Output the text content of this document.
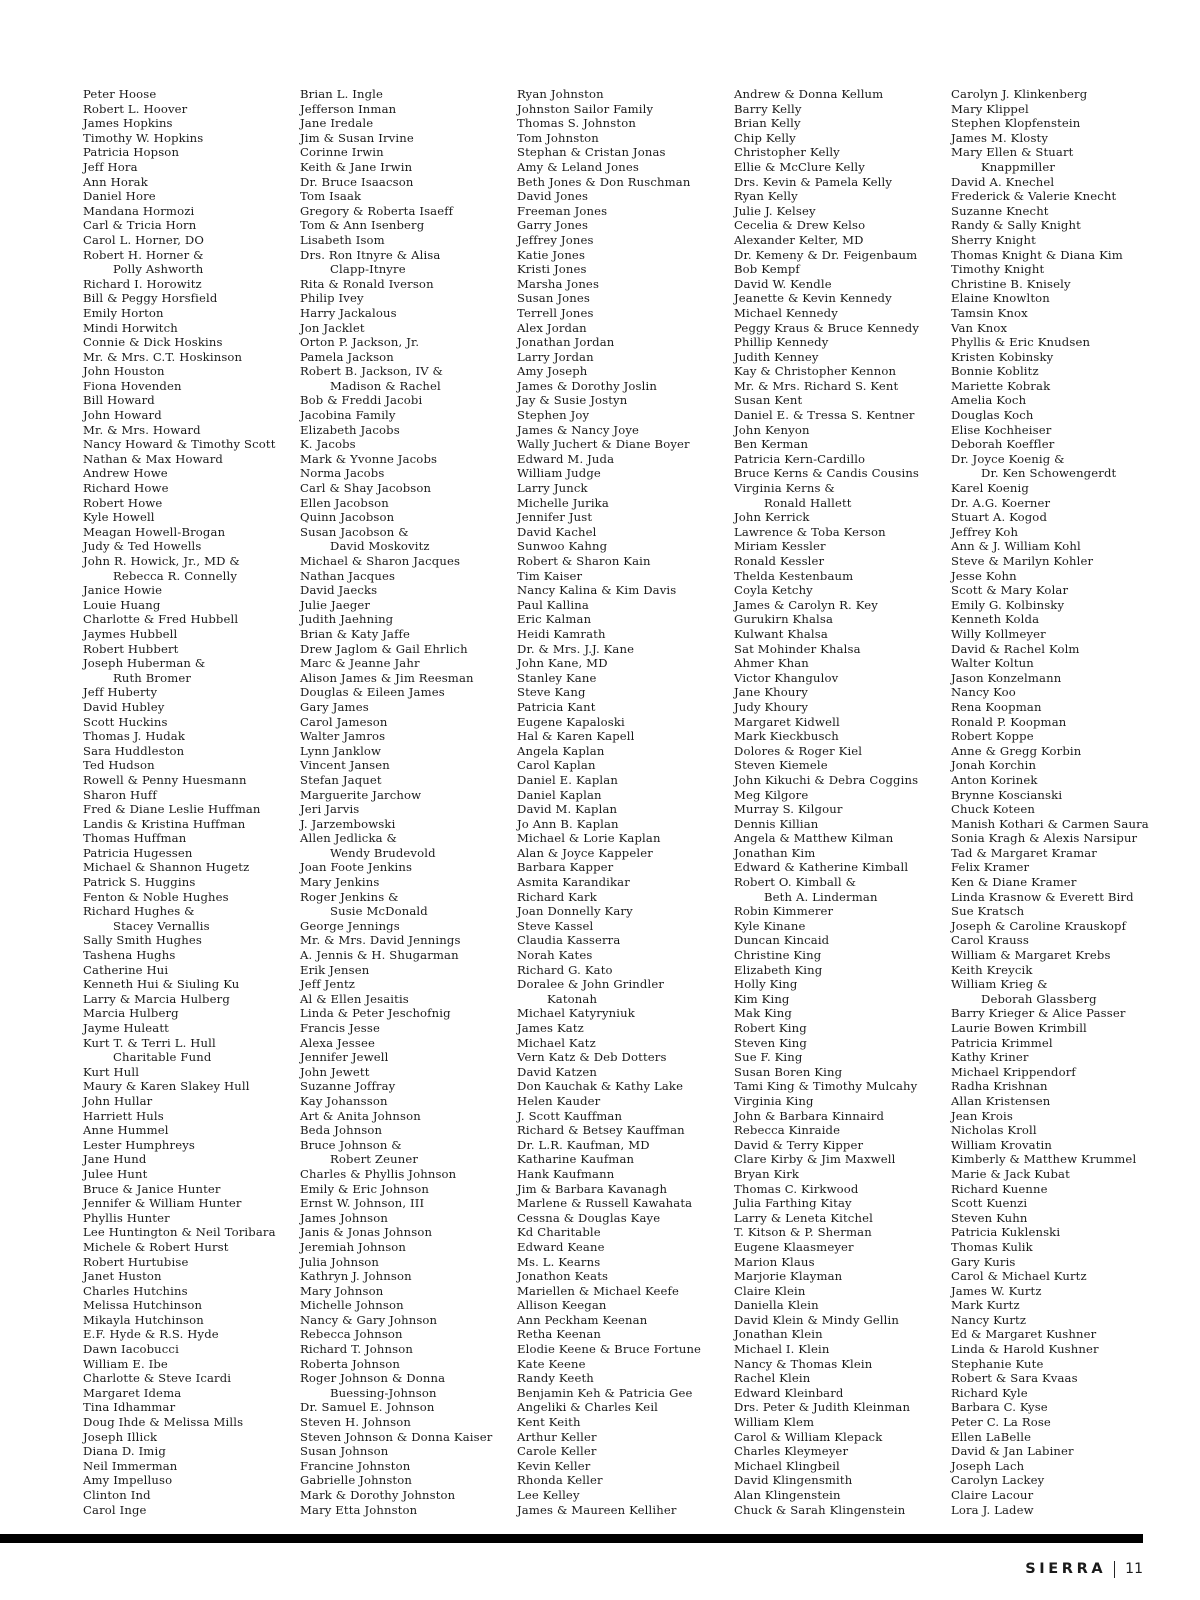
Peter Hoose
Robert L. Hoover
James Hopkins
Timothy W. Hopkins
Patricia Hopson
Jeff Hora
Ann Horak
Daniel Hore
Mandana Hormozi
Carl & Tricia Horn
Carol L. Horner, DO
Robert H. Horner &
Polly Ashworth
Richard I. Horowitz
Bill & Peggy Horsfield
Emily Horton
Mindi Horwitch
Connie & Dick Hoskins
Mr. & Mrs. C.T. Hoskinson
John Houston
Fiona Hovenden
Bill Howard
John Howard
Mr. & Mrs. Howard
Nancy Howard & Timothy Scott
Nathan & Max Howard
Andrew Howe
Richard Howe
Robert Howe
Kyle Howell
Meagan Howell-Brogan
Judy & Ted Howells
John R. Howick, Jr., MD &
Rebecca R. Connelly
Janice Howie
Louie Huang
Charlotte & Fred Hubbell
Jaymes Hubbell
Robert Hubbert
Joseph Huberman &
Ruth Bromer
Jeff Huberty
David Hubley
Scott Huckins
Thomas J. Hudak
Sara Huddleston
Ted Hudson
Rowell & Penny Huesmann
Sharon Huff
Fred & Diane Leslie Huffman
Landis & Kristina Huffman
Thomas Huffman
Patricia Hugessen
Michael & Shannon Hugetz
Patrick S. Huggins
Fenton & Noble Hughes
Richard Hughes &
Stacey Vernallis
Sally Smith Hughes
Tashena Hughs
Catherine Hui
Kenneth Hui & Siuling Ku
Larry & Marcia Hulberg
Marcia Hulberg
Jayme Huleatt
Kurt T. & Terri L. Hull
Charitable Fund
Kurt Hull
Maury & Karen Slakey Hull
John Hullar
Harriett Huls
Anne Hummel
Lester Humphreys
Jane Hund
Julee Hunt
Bruce & Janice Hunter
Jennifer & William Hunter
Phyllis Hunter
Lee Huntington & Neil Toribara
Michele & Robert Hurst
Robert Hurtubise
Janet Huston
Charles Hutchins
Melissa Hutchinson
Mikayla Hutchinson
E.F. Hyde & R.S. Hyde
Dawn Iacobucci
William E. Ibe
Charlotte & Steve Icardi
Margaret Idema
Tina Idhammar
Doug Ihde & Melissa Mills
Joseph Illick
Diana D. Imig
Neil Immerman
Amy Impelluso
Clinton Ind
Carol Inge
Brian L. Ingle
Jefferson Inman
Jane Iredale
Jim & Susan Irvine
Corinne Irwin
Keith & Jane Irwin
Dr. Bruce Isaacson
Tom Isaak
Gregory & Roberta Isaeff
Tom & Ann Isenberg
Lisabeth Isom
Drs. Ron Itnyre & Alisa
Clapp-Itnyre
Rita & Ronald Iverson
Philip Ivey
Harry Jackalous
Jon Jacklet
Orton P. Jackson, Jr.
Pamela Jackson
Robert B. Jackson, IV &
Madison & Rachel
Bob & Freddi Jacobi
Jacobina Family
Elizabeth Jacobs
K. Jacobs
Mark & Yvonne Jacobs
Norma Jacobs
Carl & Shay Jacobson
Ellen Jacobson
Quinn Jacobson
Susan Jacobson &
David Moskovitz
Michael & Sharon Jacques
Nathan Jacques
David Jaecks
Julie Jaeger
Judith Jaehning
Brian & Katy Jaffe
Drew Jaglom & Gail Ehrlich
Marc & Jeanne Jahr
Alison James & Jim Reesman
Douglas & Eileen James
Gary James
Carol Jameson
Walter Jamros
Lynn Janklow
Vincent Jansen
Stefan Jaquet
Marguerite Jarchow
Jeri Jarvis
J. Jarzembowski
Allen Jedlicka &
Wendy Brudevold
Joan Foote Jenkins
Mary Jenkins
Roger Jenkins &
Susie McDonald
George Jennings
Mr. & Mrs. David Jennings
A. Jennis & H. Shugarman
Erik Jensen
Jeff Jentz
Al & Ellen Jesaitis
Linda & Peter Jeschofnig
Francis Jesse
Alexa Jessee
Jennifer Jewell
John Jewett
Suzanne Joffray
Kay Johansson
Art & Anita Johnson
Beda Johnson
Bruce Johnson &
Robert Zeuner
Charles & Phyllis Johnson
Emily & Eric Johnson
Ernst W. Johnson, III
James Johnson
Janis & Jonas Johnson
Jeremiah Johnson
Julia Johnson
Kathryn J. Johnson
Mary Johnson
Michelle Johnson
Nancy & Gary Johnson
Rebecca Johnson
Richard T. Johnson
Roberta Johnson
Roger Johnson & Donna
Buessing-Johnson
Dr. Samuel E. Johnson
Steven H. Johnson
Steven Johnson & Donna Kaiser
Susan Johnson
Francine Johnston
Gabrielle Johnston
Mark & Dorothy Johnston
Mary Etta Johnston
Ryan Johnston
Johnston Sailor Family
Thomas S. Johnston
Tom Johnston
Stephan & Cristan Jonas
Amy & Leland Jones
Beth Jones & Don Ruschman
David Jones
Freeman Jones
Garry Jones
Jeffrey Jones
Katie Jones
Kristi Jones
Marsha Jones
Susan Jones
Terrell Jones
Alex Jordan
Jonathan Jordan
Larry Jordan
Amy Joseph
James & Dorothy Joslin
Jay & Susie Jostyn
Stephen Joy
James & Nancy Joye
Wally Juchert & Diane Boyer
Edward M. Juda
William Judge
Larry Junck
Michelle Jurika
Jennifer Just
David Kachel
Sunwoo Kahng
Robert & Sharon Kain
Tim Kaiser
Nancy Kalina & Kim Davis
Paul Kallina
Eric Kalman
Heidi Kamrath
Dr. & Mrs. J.J. Kane
John Kane, MD
Stanley Kane
Steve Kang
Patricia Kant
Eugene Kapaloski
Hal & Karen Kapell
Angela Kaplan
Carol Kaplan
Daniel E. Kaplan
Daniel Kaplan
David M. Kaplan
Jo Ann B. Kaplan
Michael & Lorie Kaplan
Alan & Joyce Kappeler
Barbara Kapper
Asmita Karandikar
Richard Kark
Joan Donnelly Kary
Steve Kassel
Claudia Kasserra
Norah Kates
Richard G. Kato
Doralee & John Grindler
Katonah
Michael Katyryniuk
James Katz
Michael Katz
Vern Katz & Deb Dotters
David Katzen
Don Kauchak & Kathy Lake
Helen Kauder
J. Scott Kauffman
Richard & Betsey Kauffman
Dr. L.R. Kaufman, MD
Katharine Kaufman
Hank Kaufmann
Jim & Barbara Kavanagh
Marlene & Russell Kawahata
Cessna & Douglas Kaye
Kd Charitable
Edward Keane
Ms. L. Kearns
Jonathon Keats
Mariellen & Michael Keefe
Allison Keegan
Ann Peckham Keenan
Retha Keenan
Elodie Keene & Bruce Fortune
Kate Keene
Randy Keeth
Benjamin Keh & Patricia Gee
Angeliki & Charles Keil
Kent Keith
Arthur Keller
Carole Keller
Kevin Keller
Rhonda Keller
Lee Kelley
James & Maureen Kelliher
Andrew & Donna Kellum
Barry Kelly
Brian Kelly
Chip Kelly
Christopher Kelly
Ellie & McClure Kelly
Drs. Kevin & Pamela Kelly
Ryan Kelly
Julie J. Kelsey
Cecelia & Drew Kelso
Alexander Kelter, MD
Dr. Kemeny & Dr. Feigenbaum
Bob Kempf
David W. Kendle
Jeanette & Kevin Kennedy
Michael Kennedy
Peggy Kraus & Bruce Kennedy
Phillip Kennedy
Judith Kenney
Kay & Christopher Kennon
Mr. & Mrs. Richard S. Kent
Susan Kent
Daniel E. & Tressa S. Kentner
John Kenyon
Ben Kerman
Patricia Kern-Cardillo
Bruce Kerns & Candis Cousins
Virginia Kerns &
Ronald Hallett
John Kerrick
Lawrence & Toba Kerson
Miriam Kessler
Ronald Kessler
Thelda Kestenbaum
Coyla Ketchy
James & Carolyn R. Key
Gurukirn Khalsa
Kulwant Khalsa
Sat Mohinder Khalsa
Ahmer Khan
Victor Khangulov
Jane Khoury
Judy Khoury
Margaret Kidwell
Mark Kieckbusch
Dolores & Roger Kiel
Steven Kiemele
John Kikuchi & Debra Coggins
Meg Kilgore
Murray S. Kilgour
Dennis Killian
Angela & Matthew Kilman
Jonathan Kim
Edward & Katherine Kimball
Robert O. Kimball &
Beth A. Linderman
Robin Kimmerer
Kyle Kinane
Duncan Kincaid
Christine King
Elizabeth King
Holly King
Kim King
Mak King
Robert King
Steven King
Sue F. King
Susan Boren King
Tami King & Timothy Mulcahy
Virginia King
John & Barbara Kinnaird
Rebecca Kinraide
David & Terry Kipper
Clare Kirby & Jim Maxwell
Bryan Kirk
Thomas C. Kirkwood
Julia Farthing Kitay
Larry & Leneta Kitchel
T. Kitson & P. Sherman
Eugene Klaasmeyer
Marion Klaus
Marjorie Klayman
Claire Klein
Daniella Klein
David Klein & Mindy Gellin
Jonathan Klein
Michael I. Klein
Nancy & Thomas Klein
Rachel Klein
Edward Kleinbard
Drs. Peter & Judith Kleinman
William Klem
Carol & William Klepack
Charles Kleymeyer
Michael Klingbeil
David Klingensmith
Alan Klingenstein
Chuck & Sarah Klingenstein
Carolyn J. Klinkenberg
Mary Klippel
Stephen Klopfenstein
James M. Klosty
Mary Ellen & Stuart
Knappmiller
David A. Knechel
Frederick & Valerie Knecht
Suzanne Knecht
Randy & Sally Knight
Sherry Knight
Thomas Knight & Diana Kim
Timothy Knight
Christine B. Knisely
Elaine Knowlton
Tamsin Knox
Van Knox
Phyllis & Eric Knudsen
Kristen Kobinsky
Bonnie Koblitz
Mariette Kobrak
Amelia Koch
Douglas Koch
Elise Kochheiser
Deborah Koeffler
Dr. Joyce Koenig &
Dr. Ken Schowengerdt
Karel Koenig
Dr. A.G. Koerner
Stuart A. Kogod
Jeffrey Koh
Ann & J. William Kohl
Steve & Marilyn Kohler
Jesse Kohn
Scott & Mary Kolar
Emily G. Kolbinsky
Kenneth Kolda
Willy Kollmeyer
David & Rachel Kolm
Walter Koltun
Jason Konzelmann
Nancy Koo
Rena Koopman
Ronald P. Koopman
Robert Koppe
Anne & Gregg Korbin
Jonah Korchin
Anton Korinek
Brynne Koscianski
Chuck Koteen
Manish Kothari & Carmen Saura
Sonia Kragh & Alexis Narsipur
Tad & Margaret Kramar
Felix Kramer
Ken & Diane Kramer
Linda Krasnow & Everett Bird
Sue Kratsch
Joseph & Caroline Krauskopf
Carol Krauss
William & Margaret Krebs
Keith Kreycik
William Krieg &
Deborah Glassberg
Barry Krieger & Alice Passer
Laurie Bowen Krimbill
Patricia Krimmel
Kathy Kriner
Michael Krippendorf
Radha Krishnan
Allan Kristensen
Jean Krois
Nicholas Kroll
William Krovatin
Kimberly & Matthew Krummel
Marie & Jack Kubat
Richard Kuenne
Scott Kuenzi
Steven Kuhn
Patricia Kuklenski
Thomas Kulik
Gary Kuris
Carol & Michael Kurtz
James W. Kurtz
Mark Kurtz
Nancy Kurtz
Ed & Margaret Kushner
Linda & Harold Kushner
Stephanie Kute
Robert & Sara Kvaas
Richard Kyle
Barbara C. Kyse
Peter C. La Rose
Ellen LaBelle
David & Jan Labiner
Joseph Lach
Carolyn Lackey
Claire Lacour
Lora J. Ladew
SIERRA 11
